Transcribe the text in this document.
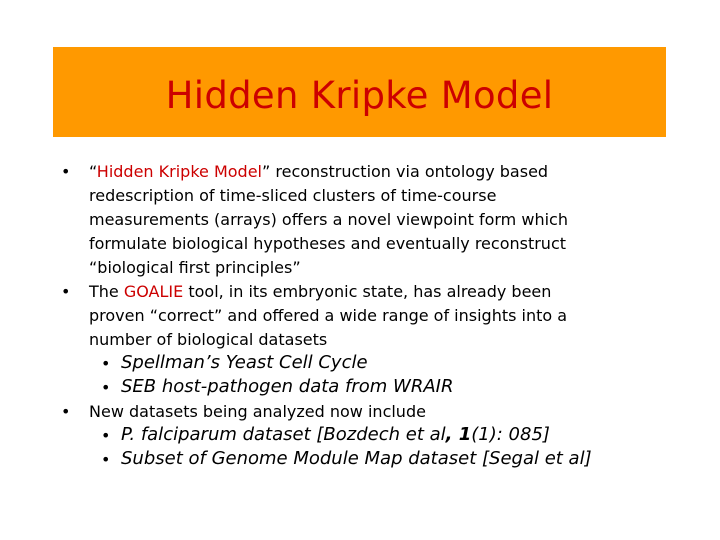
Hidden Kripke Model
• “Hidden Kripke Model” reconstruction via ontology based
redescription of time-sliced clusters of time-course
measurements (arrays) offers a novel viewpoint form which
formulate biological hypotheses and eventually reconstruct
“biological first principles”
• The GOALIE tool, in its embryonic state, has already been
proven “correct” and offered a wide range of insights into a
number of biological datasets
• Spellman’s Yeast Cell Cycle
• SEB host-pathogen data from WRAIR
• New datasets being analyzed now include
• P. falciparum dataset [Bozdech et al, 1(1): 085]
• Subset of Genome Module Map dataset [Segal et al]
